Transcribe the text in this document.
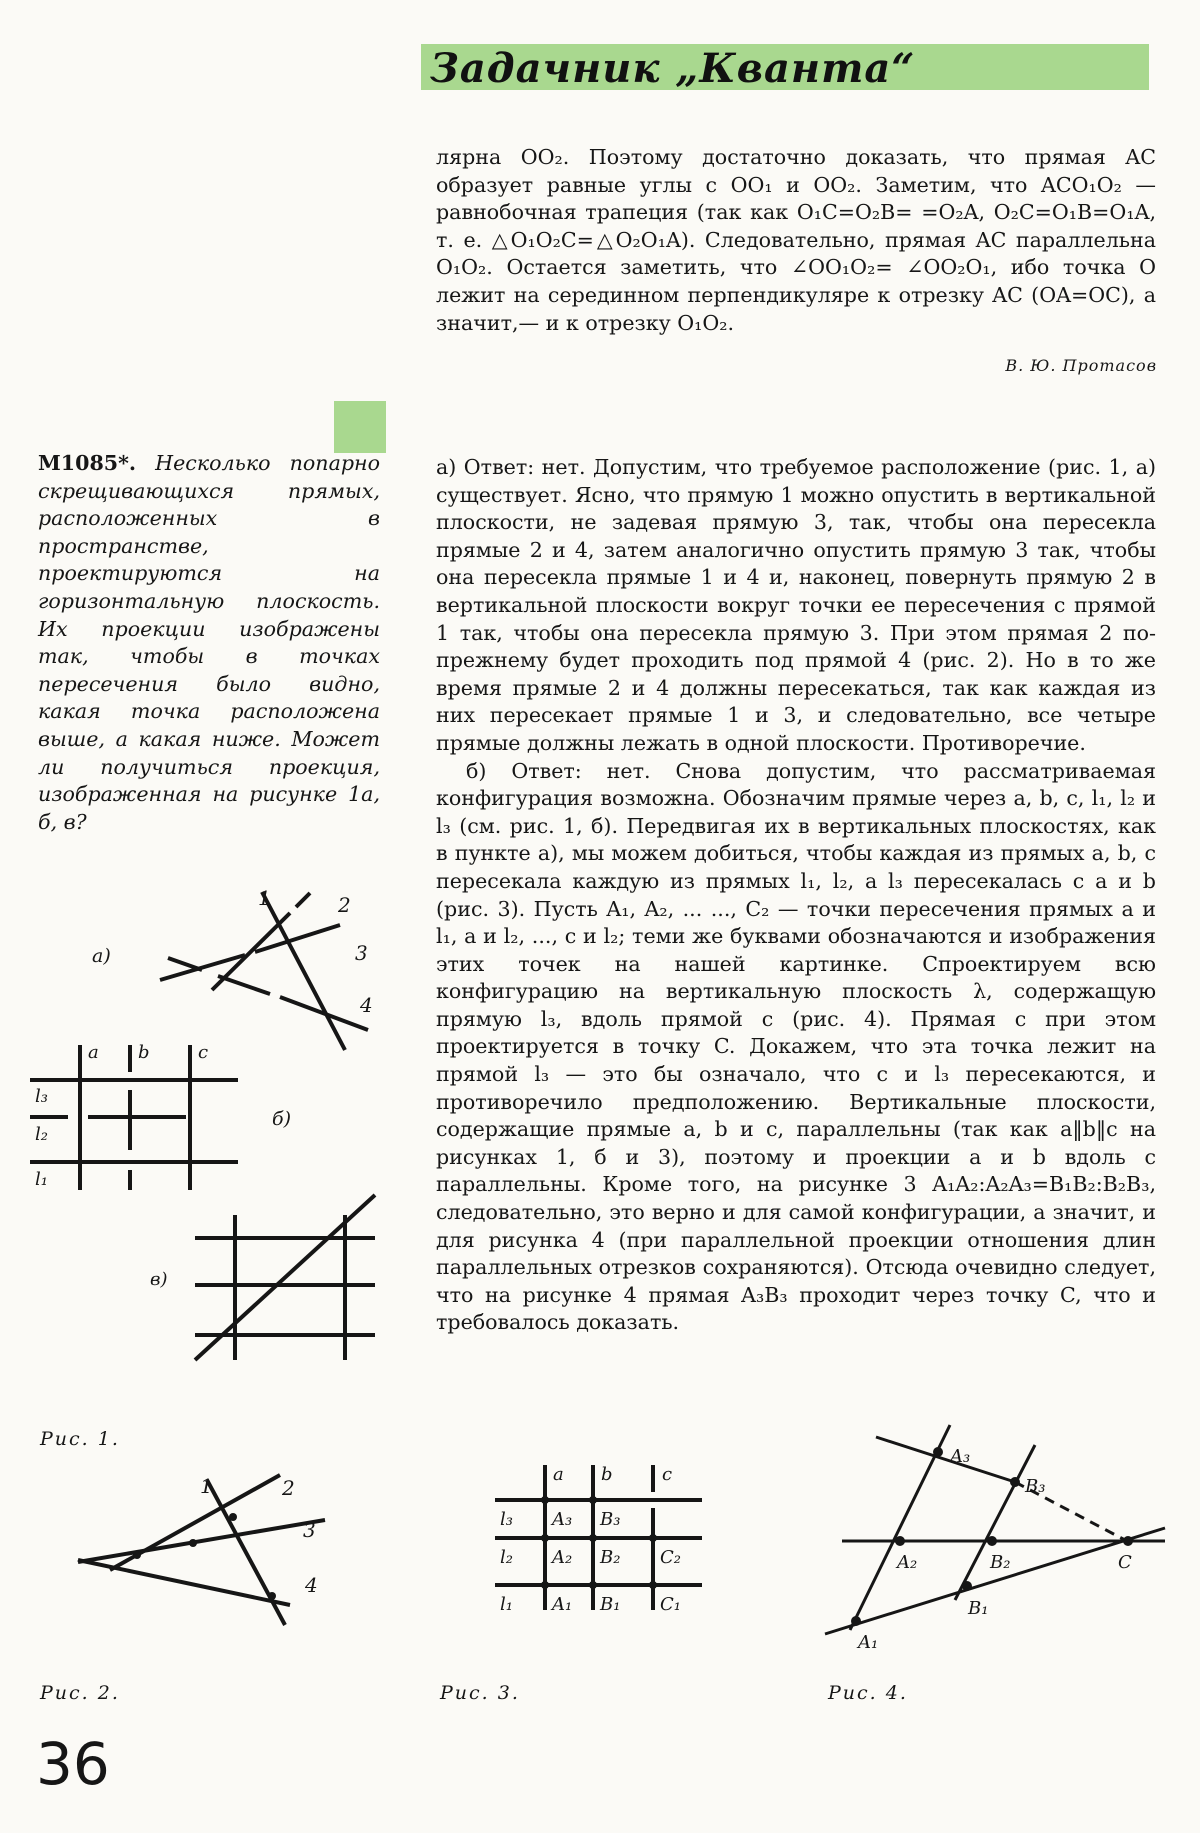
Задачник „Кванта“

лярна OO₂. Поэтому достаточно доказать, что прямая AC образует равные углы с OO₁ и OO₂. Заметим, что ACO₁O₂ — равнобочная трапеция (так как O₁C=O₂B= =O₂A, O₂C=O₁B=O₁A, т. е. △O₁O₂C=△O₂O₁A). Следовательно, прямая AC параллельна O₁O₂. Остается заметить, что ∠OO₁O₂= ∠OO₂O₁, ибо точка O лежит на серединном перпендикуляре к отрезку AC (OA=OC), а значит,— и к отрезку O₁O₂.

В. Ю. Протасов
М1085*. Несколько попарно скрещивающихся прямых, расположенных в пространстве, проектируются на горизонтальную плоскость. Их проекции изображены так, чтобы в точках пересечения было видно, какая точка расположена выше, а какая ниже. Может ли получиться проекция, изображенная на рисунке 1а, б, в?

а) Ответ: нет. Допустим, что требуемое расположение (рис. 1, а) существует. Ясно, что прямую 1 можно опустить в вертикальной плоскости, не задевая прямую 3, так, чтобы она пересекла прямые 2 и 4, затем аналогично опустить прямую 3 так, чтобы она пересекла прямые 1 и 4 и, наконец, повернуть прямую 2 в вертикальной плоскости вокруг точки ее пересечения с прямой 1 так, чтобы она пересекла прямую 3. При этом прямая 2 по-прежнему будет проходить под прямой 4 (рис. 2). Но в то же время прямые 2 и 4 должны пересекаться, так как каждая из них пересекает прямые 1 и 3, и следовательно, все четыре прямые должны лежать в одной плоскости. Противоречие.

б) Ответ: нет. Снова допустим, что рассматриваемая конфигурация возможна. Обозначим прямые через a, b, c, l₁, l₂ и l₃ (см. рис. 1, б). Передвигая их в вертикальных плоскостях, как в пункте а), мы можем добиться, чтобы каждая из прямых a, b, c пересекала каждую из прямых l₁, l₂, а l₃ пересекалась с a и b (рис. 3). Пусть A₁, A₂, ... ..., C₂ — точки пересечения прямых a и l₁, a и l₂, ..., c и l₂; теми же буквами обозначаются и изображения этих точек на нашей картинке. Спроектируем всю конфигурацию на вертикальную плоскость λ, содержащую прямую l₃, вдоль прямой c (рис. 4). Прямая c при этом проектируется в точку C. Докажем, что эта точка лежит на прямой l₃ — это бы означало, что c и l₃ пересекаются, и противоречило предположению. Вертикальные плоскости, содержащие прямые a, b и c, параллельны (так как a‖b‖c на рисунках 1, б и 3), поэтому и проекции a и b вдоль c параллельны. Кроме того, на рисунке 3 A₁A₂:A₂A₃=B₁B₂:B₂B₃, следовательно, это верно и для самой конфигурации, а значит, и для рисунка 4 (при параллельной проекции отношения длин параллельных отрезков сохраняются). Отсюда очевидно следует, что на рисунке 4 прямая A₃B₃ проходит через точку C, что и требовалось доказать.

а)
1	2
3
4
a b	c
l₃
l₂
l₁
б)
в)
1	2
3
4
a b	c
l₃
l₂
l₁
A₃ B₃
A₂ B₂ C₂
A₁ B₁ C₁
A₃
B₃
A₂	B₂	C
B₁
A₁
Рис. 1.
Рис. 2.	Рис. 3.	Рис. 4.
36
